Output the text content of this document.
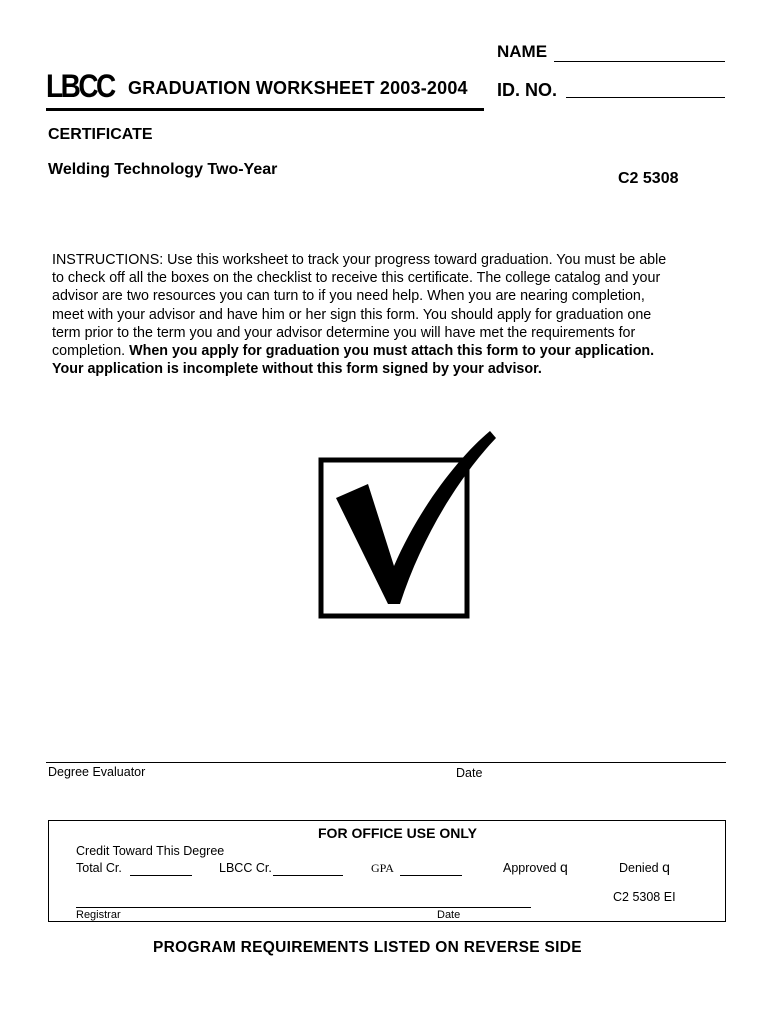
NAME
LBCC GRADUATION WORKSHEET 2003-2004 ID. NO.
CERTIFICATE
Welding Technology Two-Year
C2 5308
INSTRUCTIONS: Use this worksheet to track your progress toward graduation. You must be able
to check off all the boxes on the checklist to receive this certificate. The college catalog and your
advisor are two resources you can turn to if you need help. When you are nearing completion,
meet with your advisor and have him or her sign this form. You should apply for graduation one
term prior to the term you and your advisor determine you will have met the requirements for
completion. When you apply for graduation you must attach this form to your application.
Your application is incomplete without this form signed by your advisor.
Degree Evaluator	Date
FOR OFFICE USE ONLY
Credit Toward This Degree
Total Cr.	LBCC Cr.	GPA	Approved q	Denied q
C2 5308 EI
Registrar	Date
PROGRAM REQUIREMENTS LISTED ON REVERSE SIDE
